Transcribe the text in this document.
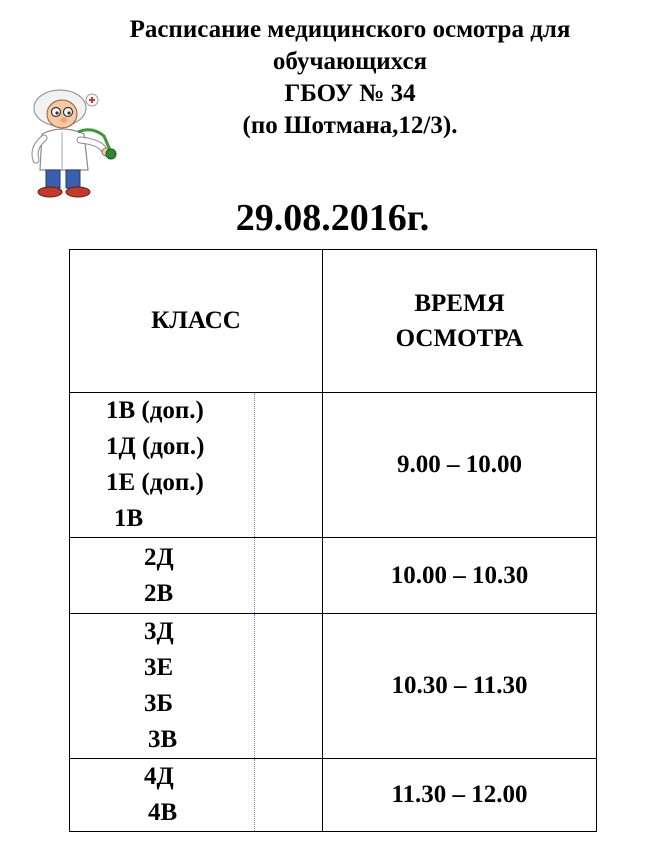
Расписание медицинского осмотра для
обучающихся
ГБОУ № 34
(по Шотмана,12/3).
29.08.2016г.
КЛАСС	ВРЕМЯ
ОСМОТРА

1В (доп.)
1Д (доп.)
1Е (доп.)
1В	9.00 – 10.00

2Д
2В	10.00 – 10.30

3Д
3Е
3Б
3В	10.30 – 11.30

4Д
4В	11.30 – 12.00
